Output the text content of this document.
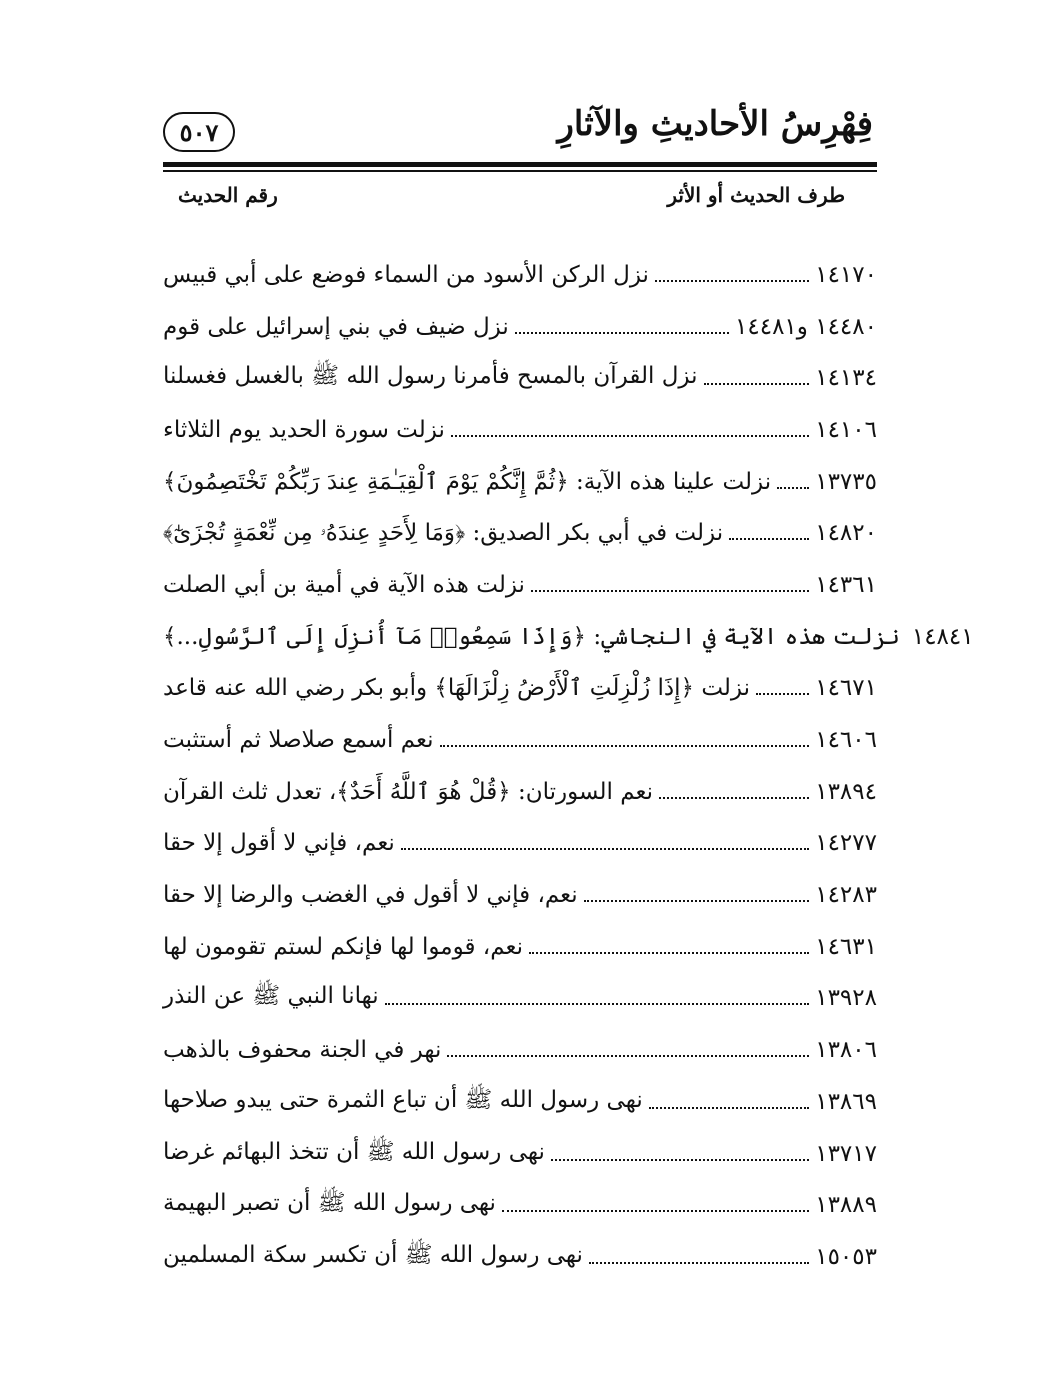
فِهْرِسُ الأحاديثِ والآثارِ
٥٠٧
طرف الحديث أو الأثر
رقم الحديث
نزل الركن الأسود من السماء فوضع على أبي قبيس	١٤١٧٠
نزل ضيف في بني إسرائيل على قوم	١٤٤٨٠ و١٤٤٨١
نزل القرآن بالمسح فأمرنا رسول الله ﷺ بالغسل فغسلنا	١٤١٣٤
نزلت سورة الحديد يوم الثلاثاء	١٤١٠٦
نزلت علينا هذه الآية: ﴿ثُمَّ إِنَّكُمْ يَوْمَ ٱلْقِيَـٰمَةِ عِندَ رَبِّكُمْ تَخْتَصِمُونَ﴾ ١٣٧٣٥
نزلت في أبي بكر الصديق: ﴿وَمَا لِأَحَدٍ عِندَهُۥ مِن نِّعْمَةٍ تُجْزَىٰٓ﴾	١٤٨٢٠
نزلت هذه الآية في أمية بن أبي الصلت	١٤٣٦١
نزلت هذه الآية في النجاشي: ﴿وَإِذَا سَمِعُوا۟ مَآ أُنزِلَ إِلَى ٱلرَّسُولِ...﴾ ١٤٨٤١
نزلت ﴿إِذَا زُلْزِلَتِ ٱلْأَرْضُ زِلْزَالَهَا﴾ وأبو بكر رضي الله عنه قاعد	١٤٦٧١
نعم أسمع صلاصلا ثم أستثبت	١٤٦٠٦
نعم السورتان: ﴿قُلْ هُوَ ٱللَّهُ أَحَدٌ﴾، تعدل ثلث القرآن	١٣٨٩٤
نعم، فإني لا أقول إلا حقا	١٤٢٧٧
نعم، فإني لا أقول في الغضب والرضا إلا حقا	١٤٢٨٣
نعم، قوموا لها فإنكم لستم تقومون لها	١٤٦٣١
نهانا النبي ﷺ عن النذر	١٣٩٢٨
نهر في الجنة محفوف بالذهب	١٣٨٠٦
نهى رسول الله ﷺ أن تباع الثمرة حتى يبدو صلاحها	١٣٨٦٩
نهى رسول الله ﷺ أن تتخذ البهائم غرضا	١٣٧١٧
نهى رسول الله ﷺ أن تصبر البهيمة	١٣٨٨٩
نهى رسول الله ﷺ أن تكسر سكة المسلمين	١٥٠٥٣
